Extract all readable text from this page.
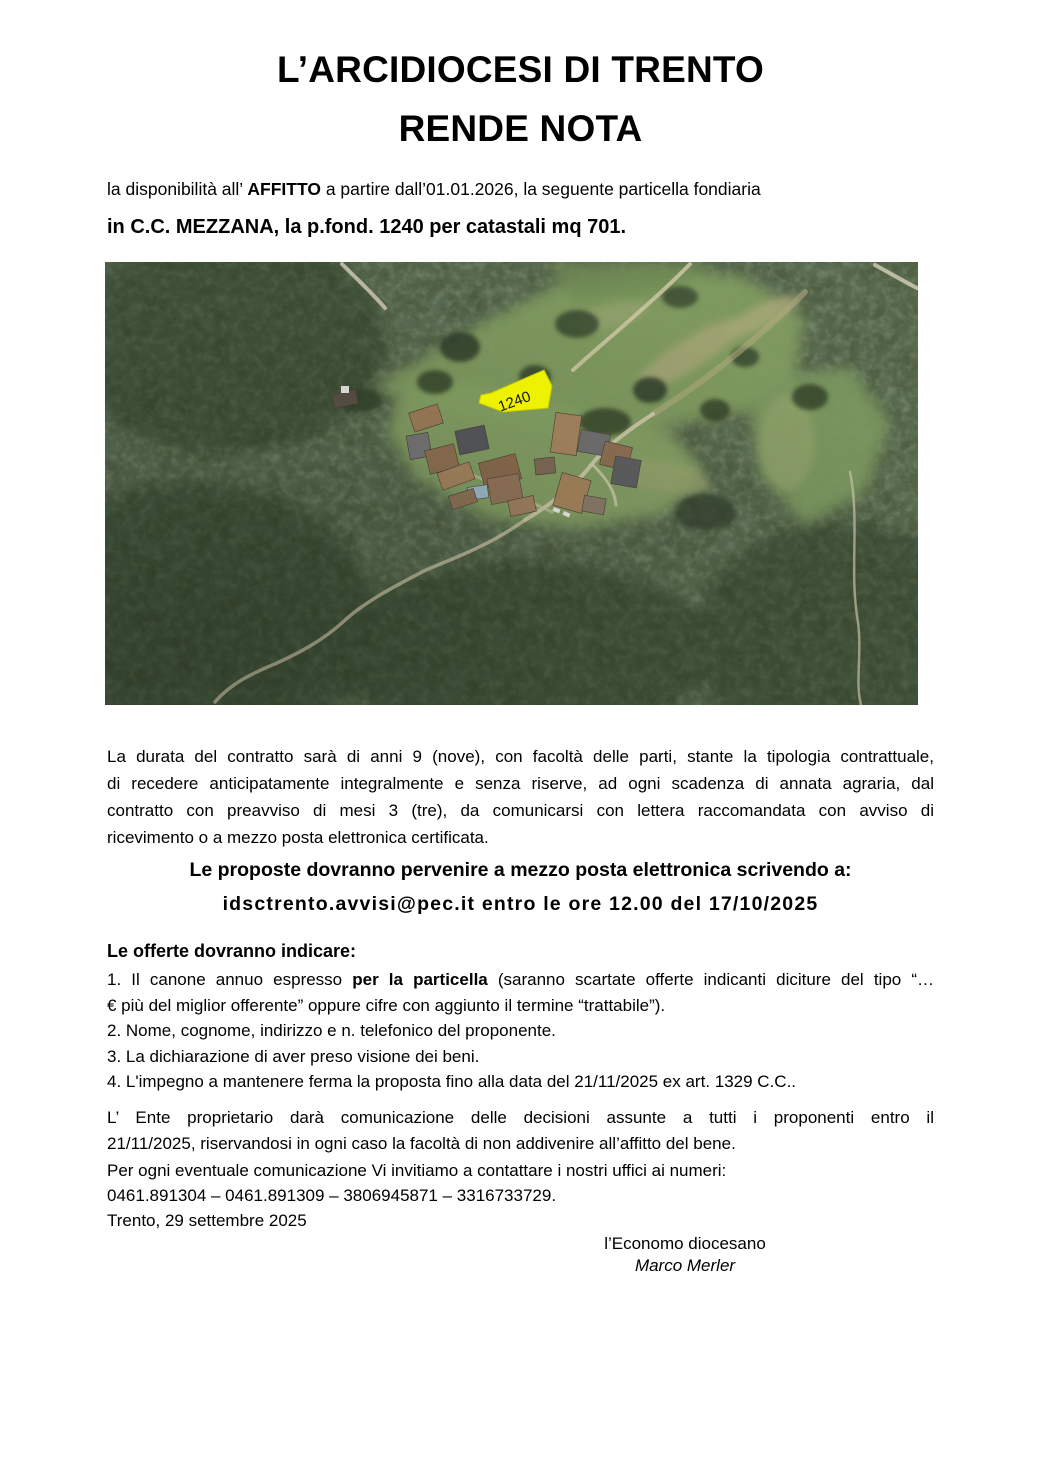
L’ARCIDIOCESI DI TRENTO
RENDE NOTA
la disponibilità all’ AFFITTO a partire dall’01.01.2026, la seguente particella fondiaria
in C.C. MEZZANA, la p.fond. 1240 per catastali mq 701.
1240
La durata del contratto sarà di anni 9 (nove), con facoltà delle parti, stante la tipologia contrattuale,
di recedere anticipatamente integralmente e senza riserve, ad ogni scadenza di annata agraria, dal
contratto con preavviso di mesi 3 (tre), da comunicarsi con lettera raccomandata con avviso di
ricevimento o a mezzo posta elettronica certificata.
Le proposte dovranno pervenire a mezzo posta elettronica scrivendo a:
idsctrento.avvisi@pec.it entro le ore 12.00 del 17/10/2025
Le offerte dovranno indicare:
1. Il canone annuo espresso per la particella (saranno scartate offerte indicanti diciture del tipo “…
€ più del miglior offerente” oppure cifre con aggiunto il termine “trattabile”).
2. Nome, cognome, indirizzo e n. telefonico del proponente.
3. La dichiarazione di aver preso visione dei beni.
4. L'impegno a mantenere ferma la proposta fino alla data del 21/11/2025 ex art. 1329 C.C..
L’ Ente proprietario darà comunicazione delle decisioni assunte a tutti i proponenti entro il
21/11/2025, riservandosi in ogni caso la facoltà di non addivenire all’affitto del bene.
Per ogni eventuale comunicazione Vi invitiamo a contattare i nostri uffici ai numeri:
0461.891304 – 0461.891309 – 3806945871 – 3316733729.
Trento, 29 settembre 2025
l’Economo diocesano
Marco Merler
